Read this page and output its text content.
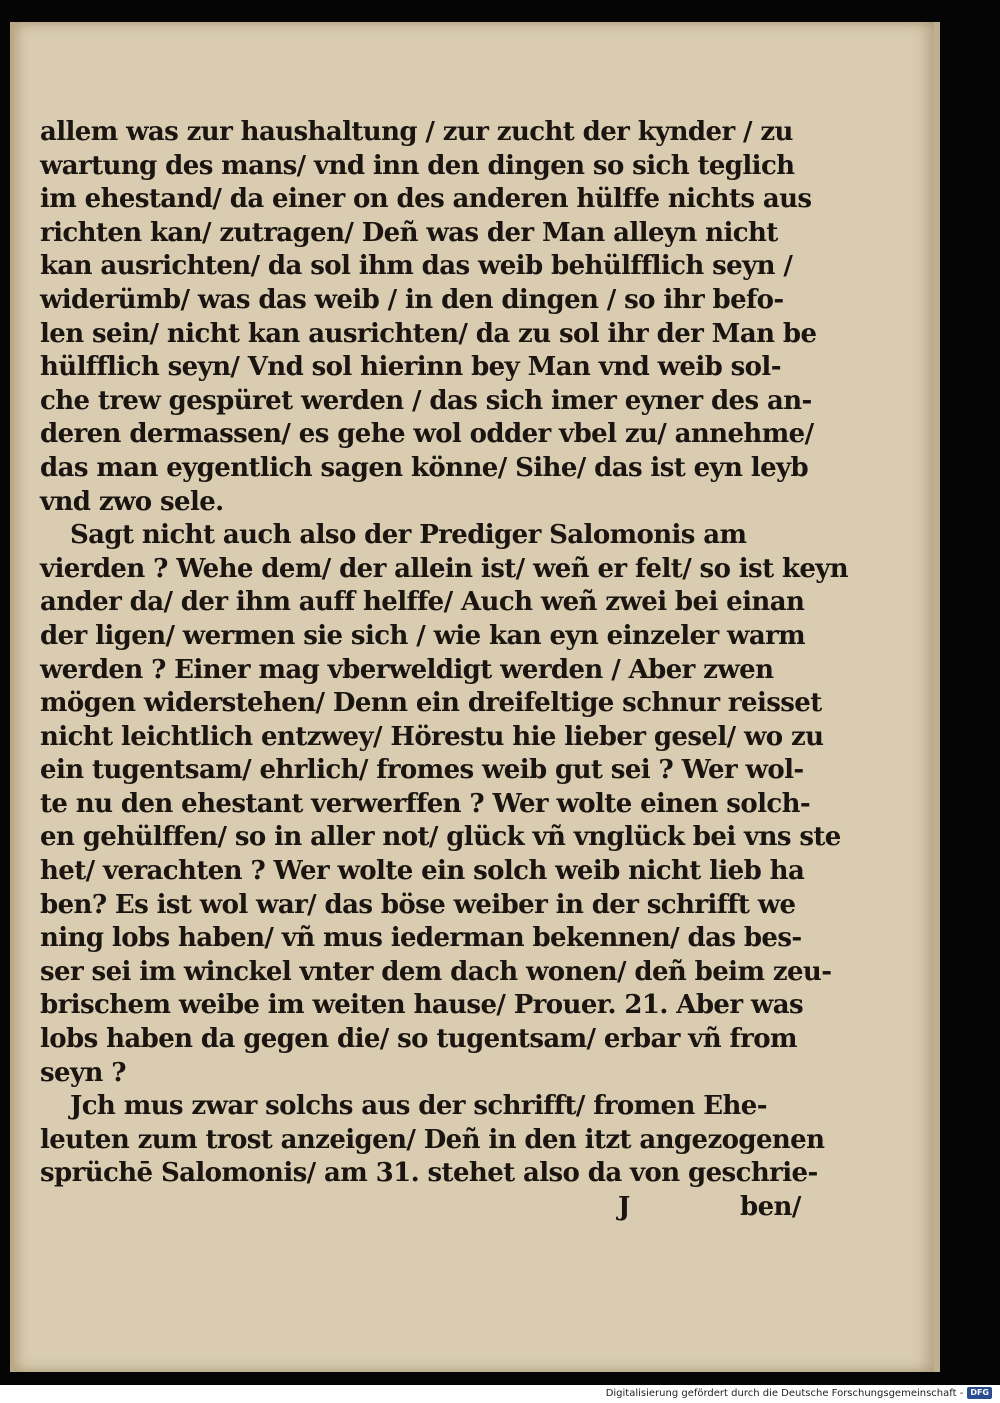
allem was zur haushaltung / zur zucht der kynder / zu
wartung des mans/ vnd inn den dingen so sich teglich
im ehestand/ da einer on des anderen hülffe nichts aus
richten kan/ zutragen/ Deñ was der Man alleyn nicht
kan ausrichten/ da sol ihm das weib behülfflich seyn /
widerümb/ was das weib / in den dingen / so ihr befo-
len sein/ nicht kan ausrichten/ da zu sol ihr der Man be
hülfflich seyn/ Vnd sol hierinn bey Man vnd weib sol-
che trew gespüret werden / das sich imer eyner des an-
deren dermassen/ es gehe wol odder vbel zu/ annehme/
das man eygentlich sagen könne/ Sihe/ das ist eyn leyb
vnd zwo sele.
Sagt nicht auch also der Prediger Salomonis am
vierden ? Wehe dem/ der allein ist/ weñ er felt/ so ist keyn
ander da/ der ihm auff helffe/ Auch weñ zwei bei einan
der ligen/ wermen sie sich / wie kan eyn einzeler warm
werden ? Einer mag vberweldigt werden / Aber zwen
mögen widerstehen/ Denn ein dreifeltige schnur reisset
nicht leichtlich entzwey/ Hörestu hie lieber gesel/ wo zu
ein tugentsam/ ehrlich/ fromes weib gut sei ? Wer wol-
te nu den ehestant verwerffen ? Wer wolte einen solch-
en gehülffen/ so in aller not/ glück vñ vnglück bei vns ste
het/ verachten ? Wer wolte ein solch weib nicht lieb ha
ben? Es ist wol war/ das böse weiber in der schrifft we
ning lobs haben/ vñ mus iederman bekennen/ das bes-
ser sei im winckel vnter dem dach wonen/ deñ beim zeu-
brischem weibe im weiten hause/ Prouer. 21. Aber was
lobs haben da gegen die/ so tugentsam/ erbar vñ from
seyn ?
Jch mus zwar solchs aus der schrifft/ fromen Ehe-
leuten zum trost anzeigen/ Deñ in den itzt angezogenen
sprüchē Salomonis/ am 31. stehet also da von geschrie-
J	ben/
Digitalisierung gefördert durch die Deutsche Forschungsgemeinschaft - DFG
